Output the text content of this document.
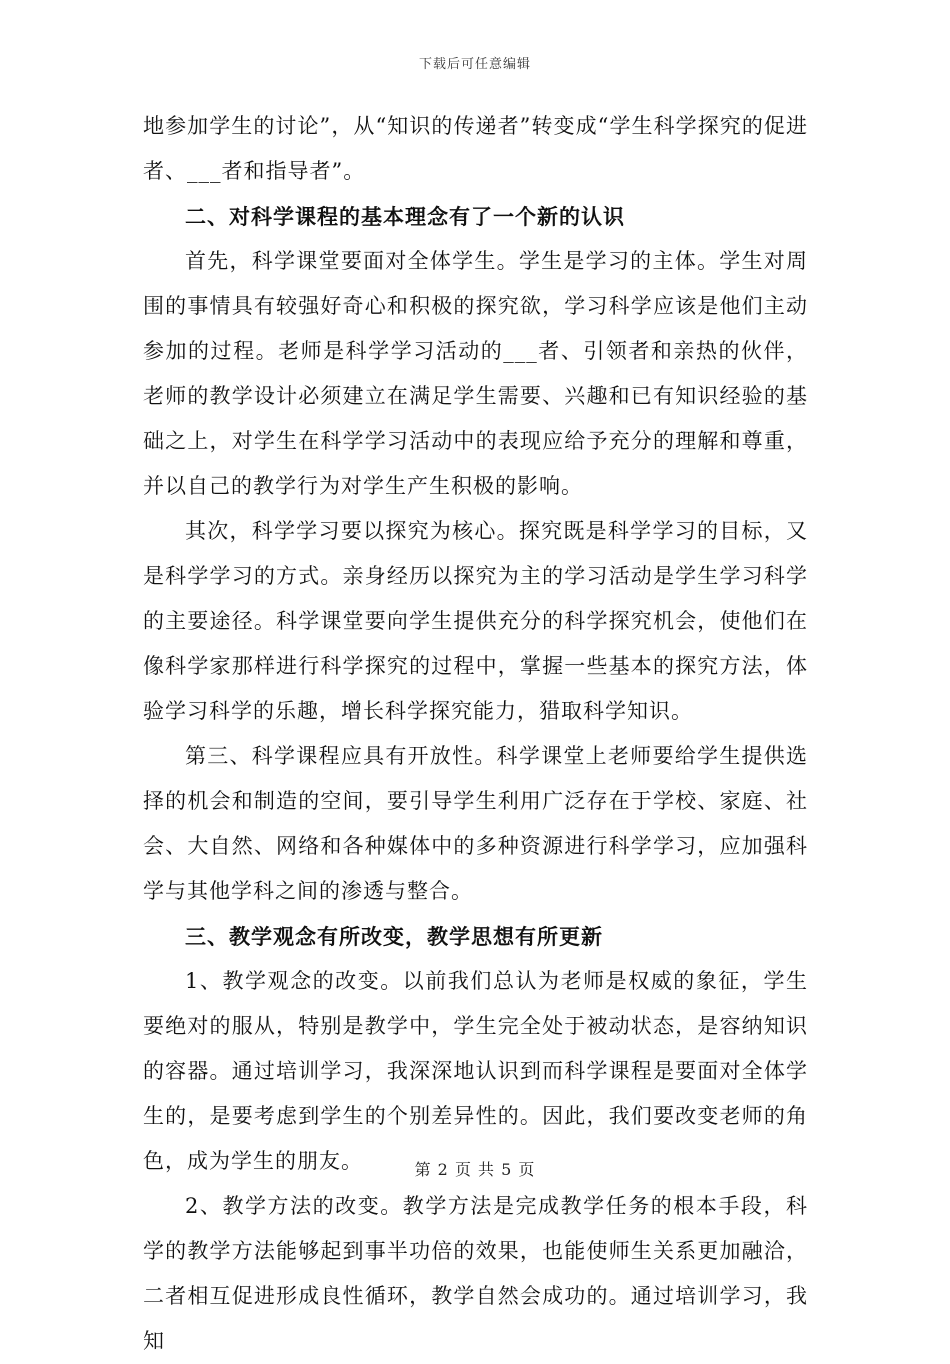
下载后可任意编辑

地参加学生的讨论”，从“知识的传递者”转变成“学生科学探究的促进者、___者和指导者”。

二、对科学课程的基本理念有了一个新的认识

首先，科学课堂要面对全体学生。学生是学习的主体。学生对周围的事情具有较强好奇心和积极的探究欲，学习科学应该是他们主动参加的过程。老师是科学学习活动的___者、引领者和亲热的伙伴，老师的教学设计必须建立在满足学生需要、兴趣和已有知识经验的基础之上，对学生在科学学习活动中的表现应给予充分的理解和尊重，并以自己的教学行为对学生产生积极的影响。

其次，科学学习要以探究为核心。探究既是科学学习的目标，又是科学学习的方式。亲身经历以探究为主的学习活动是学生学习科学的主要途径。科学课堂要向学生提供充分的科学探究机会，使他们在像科学家那样进行科学探究的过程中，掌握一些基本的探究方法，体验学习科学的乐趣，增长科学探究能力，猎取科学知识。

第三、科学课程应具有开放性。科学课堂上老师要给学生提供选择的机会和制造的空间，要引导学生利用广泛存在于学校、家庭、社会、大自然、网络和各种媒体中的多种资源进行科学学习，应加强科学与其他学科之间的渗透与整合。

三、教学观念有所改变，教学思想有所更新

1、教学观念的改变。以前我们总认为老师是权威的象征，学生要绝对的服从，特别是教学中，学生完全处于被动状态，是容纳知识的容器。通过培训学习，我深深地认识到而科学课程是要面对全体学生的，是要考虑到学生的个别差异性的。因此，我们要改变老师的角色，成为学生的朋友。

2、教学方法的改变。教学方法是完成教学任务的根本手段，科学的教学方法能够起到事半功倍的效果，也能使师生关系更加融洽，二者相互促进形成良性循环，教学自然会成功的。通过培训学习，我知

第 2 页 共 5 页
